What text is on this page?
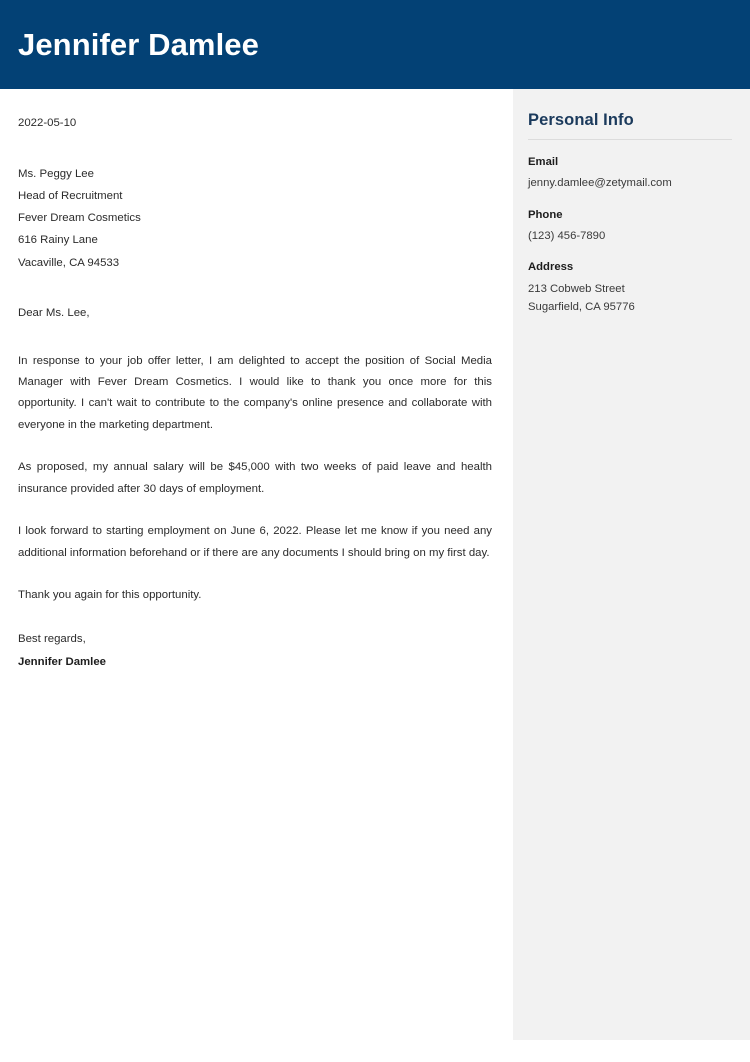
Jennifer Damlee

2022-05-10

Ms. Peggy Lee

Head of Recruitment

Fever Dream Cosmetics

616 Rainy Lane

Vacaville, CA 94533

Dear Ms. Lee,

In response to your job offer letter, I am delighted to accept the position of Social Media Manager with Fever Dream Cosmetics. I would like to thank you once more for this opportunity. I can't wait to contribute to the company's online presence and collaborate with everyone in the marketing department.

As proposed, my annual salary will be $45,000 with two weeks of paid leave and health insurance provided after 30 days of employment.

I look forward to starting employment on June 6, 2022. Please let me know if you need any additional information beforehand or if there are any documents I should bring on my first day.

Thank you again for this opportunity.

Best regards,

Jennifer Damlee

Personal Info

Email

jenny.damlee@zetymail.com

Phone

(123) 456-7890

Address

213 Cobweb Street

Sugarfield, CA 95776
